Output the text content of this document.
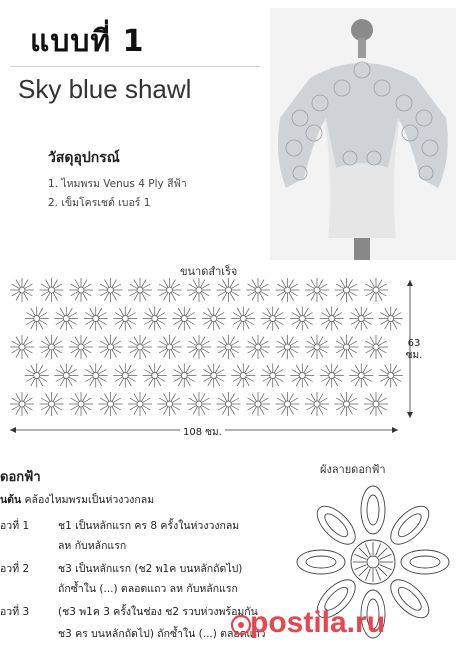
แบบที่ 1
Sky blue shawl
วัสดุอุปกรณ์
1. ไหมพรม Venus 4 Ply สีฟ้า
2. เข็มโครเชต์ เบอร์ 1
ขนาดสำเร็จ
108 ซม.
63
ซม.
ดอกฟ้า
ผังลายดอกฟ้า
นต้น คล้องไหมพรมเป็นห่วงวงกลม
อวที่ 1	ช1 เป็นหลักแรก คร 8 ครั้งในห่วงวงกลม
ลห กับหลักแรก
อวที่ 2	ช3 เป็นหลักแรก (ช2 พ1ค บนหลักถัดไป)
ถักซ้ำใน (...) ตลอดแถว ลห กับหลักแรก
อวที่ 3	(ช3 พ1ค 3 ครั้งในช่อง ช2 รวบห่วงพร้อมกัน
ช3 คร บนหลักถัดไป) ถักซ้ำใน (...) ตลอดแถว
postila.ru
